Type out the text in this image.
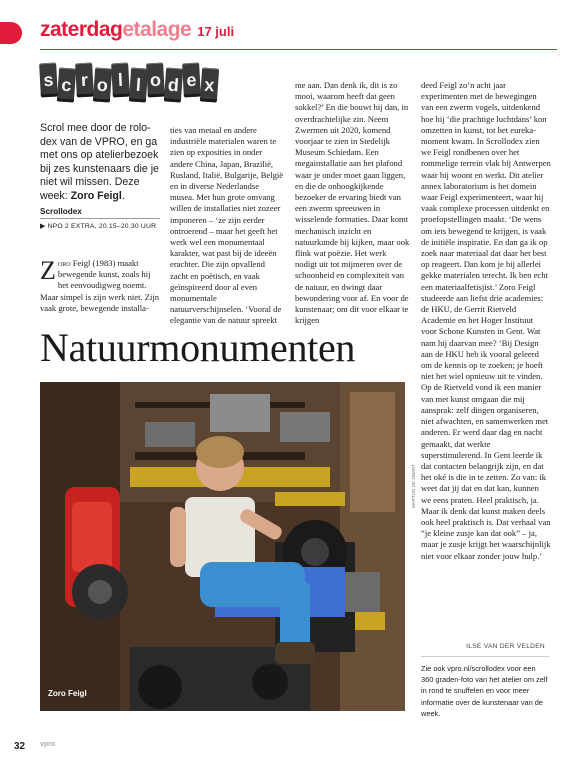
zaterdagetalage 17 juli
s c r o l l o d e x
Scrol mee door de rolo-dex van de VPRO, en ga met ons op atelierbezoek bij zes kunstenaars die je niet wil missen. Deze week: Zoro Feigl.
Scrollodex
▶ NPO 2 EXTRA, 20.15–20.30 UUR

Zoro Feigl (1983) maakt bewegende kunst, zoals hij het eenvoudigweg noemt. Maar simpel is zijn werk niet. Zijn vaak grote, bewegende installa-

ties van metaal en andere industriële materialen waren te zien op exposities in onder andere China, Japan, Brazilië, Rusland, Italië, Bulgarije, België en in diverse Nederlandse musea. Met hun grote omvang willen de installaties niet zozeer imponeren – ‘ze zijn eerder ontroerend – maar het geeft het werk wel een monumentaal karakter, wat past bij de ideeën erachter. Die zijn opvallend zacht en poëtisch, en vaak geïnspireerd door al even monumentale natuurverschijnselen. ‘Vooral de elegantie van de natuur spreekt

me aan. Dan denk ik, dit is zo mooi, waarom heeft dat geen sokkel?’ En die bouwt hij dan, in overdrachtelijke zin. Neem Zwermen uit 2020, komend voorjaar te zien in Stedelijk Museum Schiedam. Een megainstallatie aan het plafond waar je onder moet gaan liggen, en die de onhoogkijkende bezoeker de ervaring biedt van een zwerm spreeuwen in wisselende formaties. Daar komt mechanisch inzicht en natuurkunde bij kijken, maar ook flink wat poëzie. Het werk nodigt uit tot mijmeren over de schoonheid en complexiteit van de natuur, en dwingt daar bewondering voor af. En voor de kunstenaar; om dit voor elkaar te krijgen

deed Feigl zo’n acht jaar experimenten met de bewegingen van een zwerm vogels, uitdenkend hoe hij ‘die prachtige luchtdans’ kon omzetten in kunst, tot het eureka-moment kwam. In Scrollodex zien we Feigl rondbenen over het rommelige terrein vlak bij Antwerpen waar hij woont en werkt. Dit atelier annex laboratorium is het domein waar Feigl experimenteert, waar hij vaak complexe processen uitdenkt en proefopstellingen maakt. ‘De wens om iets bewegend te krijgen, is vaak de initiële inspiratie. En dan ga ik op zoek naar materiaal dat daar het best op reageert. Dan kom je bij allerlei gekke materialen terecht. Ik ben echt een materiaalfetisjist.’ Zoro Feigl studeerde aan liefst drie academies: de HKU, de Gerrit Rietveld Academie en het Hoger Instituut voor Schone Kunsten in Gent. Wat nam hij daarvan mee? ‘Bij Design aan de HKU heb ik vooral geleerd om de kennis op te zoeken; je hoeft niet het wiel opnieuw uit te vinden. Op de Rietveld vond ik een manier van met kunst omgaan die mij aansprak: zelf dingen organiseren, niet afwachten, en samenwerken met anderen. Er werd daar dag en nacht gemaakt, dat werkte superstimulerend. In Gent leerde ik dat contacten belangrijk zijn, en dat het oké is die in te zetten. Zo van: ik weet dat jij dat en dat kan, kunnen we eens praten. Heel praktisch, ja. Maar ik denk dat kunst maken deels ook heel praktisch is. Dat verhaal van “je kleine zusje kan dat ook” – ja, maar je zusje krijgt het waarschijnlijk niet voor elkaar zonder jouw hulp.’

ILSE VAN DER VELDEN
Natuurmonumenten
Zoro Feigl
MARTIJN DE ZWART
Zie ook vpro.nl/scrollodex voor een 360 graden-foto van het atelier om zelf in rond te snuffelen en voor meer informatie over de kunstenaar van de week.
32 vpro
